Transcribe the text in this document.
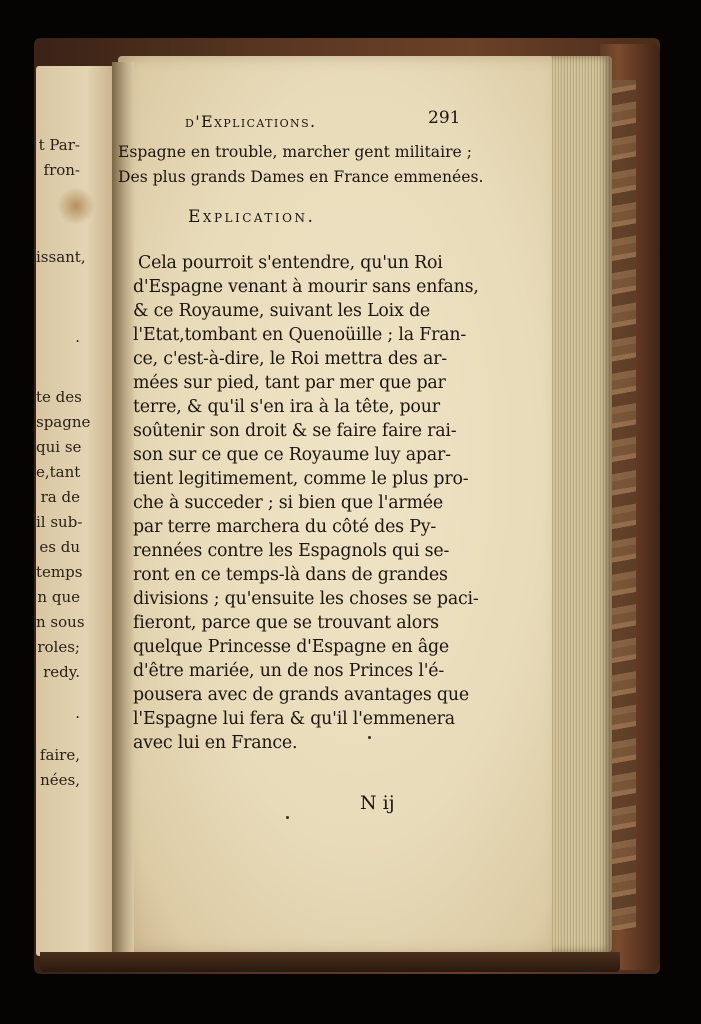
t Par-
fron-
issant,
.
te des
spagne
qui se
e,tant
ra de
il sub-
es du
temps
n que
n sous
roles;
redy.
.
faire,
nées,
d'Explications.	291
Espagne en trouble, marcher gent militaire ;
Des plus grands Dames en France emmenées.
Explication.
Cela pourroit s'entendre, qu'un Roi
d'Espagne venant à mourir sans enfans,
& ce Royaume, suivant les Loix de
l'Etat,tombant en Quenoüille ; la Fran-
ce, c'est-à-dire, le Roi mettra des ar-
mées sur pied, tant par mer que par
terre, & qu'il s'en ira à la tête, pour
soûtenir son droit & se faire faire rai-
son sur ce que ce Royaume luy apar-
tient legitimement, comme le plus pro-
che à succeder ; si bien que l'armée
par terre marchera du côté des Py-
rennées contre les Espagnols qui se-
ront en ce temps-là dans de grandes
divisions ; qu'ensuite les choses se paci-
fieront, parce que se trouvant alors
quelque Princesse d'Espagne en âge
d'être mariée, un de nos Princes l'é-
pousera avec de grands avantages que
l'Espagne lui fera & qu'il l'emmenera
avec lui en France.
N ij
